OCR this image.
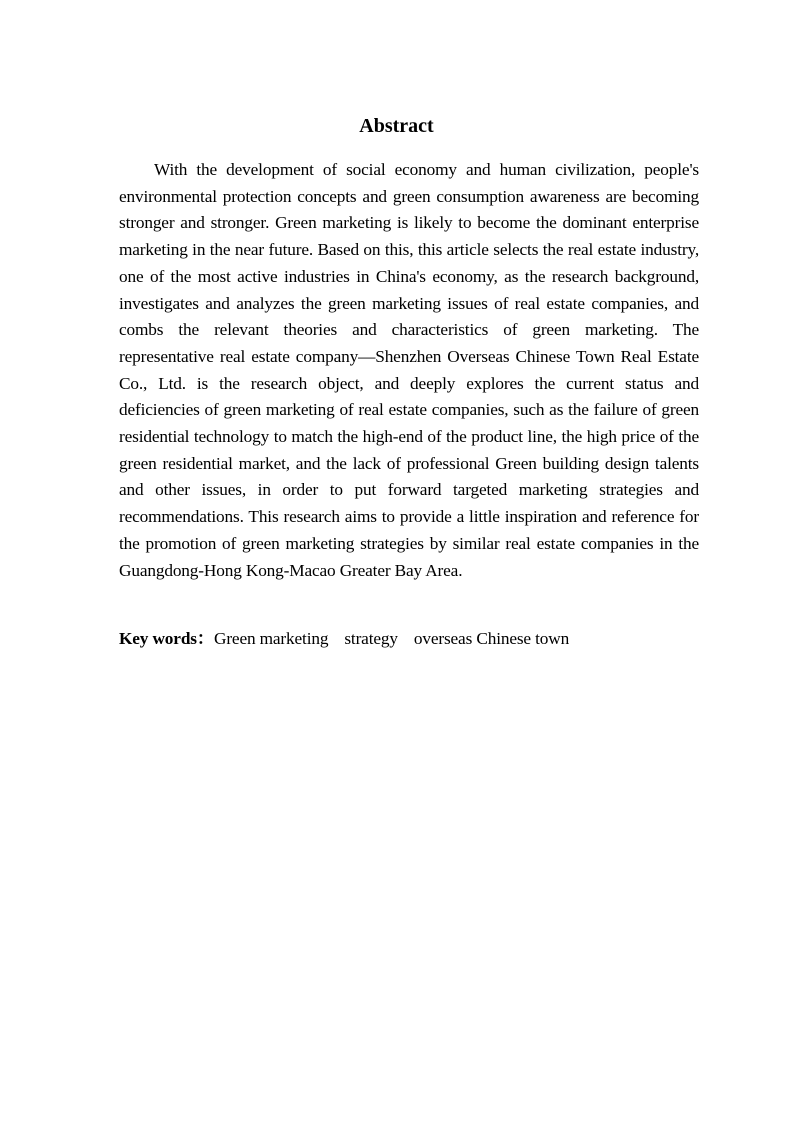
Abstract

With the development of social economy and human civilization, people's environmental protection concepts and green consumption awareness are becoming stronger and stronger. Green marketing is likely to become the dominant enterprise marketing in the near future. Based on this, this article selects the real estate industry, one of the most active industries in China's economy, as the research background, investigates and analyzes the green marketing issues of real estate companies, and combs the relevant theories and characteristics of green marketing. The representative real estate company—Shenzhen Overseas Chinese Town Real Estate Co., Ltd. is the research object, and deeply explores the current status and deficiencies of green marketing of real estate companies, such as the failure of green residential technology to match the high-end of the product line, the high price of the green residential market, and the lack of professional Green building design talents and other issues, in order to put forward targeted marketing strategies and recommendations. This research aims to provide a little inspiration and reference for the promotion of green marketing strategies by similar real estate companies in the Guangdong-Hong Kong-Macao Greater Bay Area.

Key words：Green marketing strategy overseas Chinese town
